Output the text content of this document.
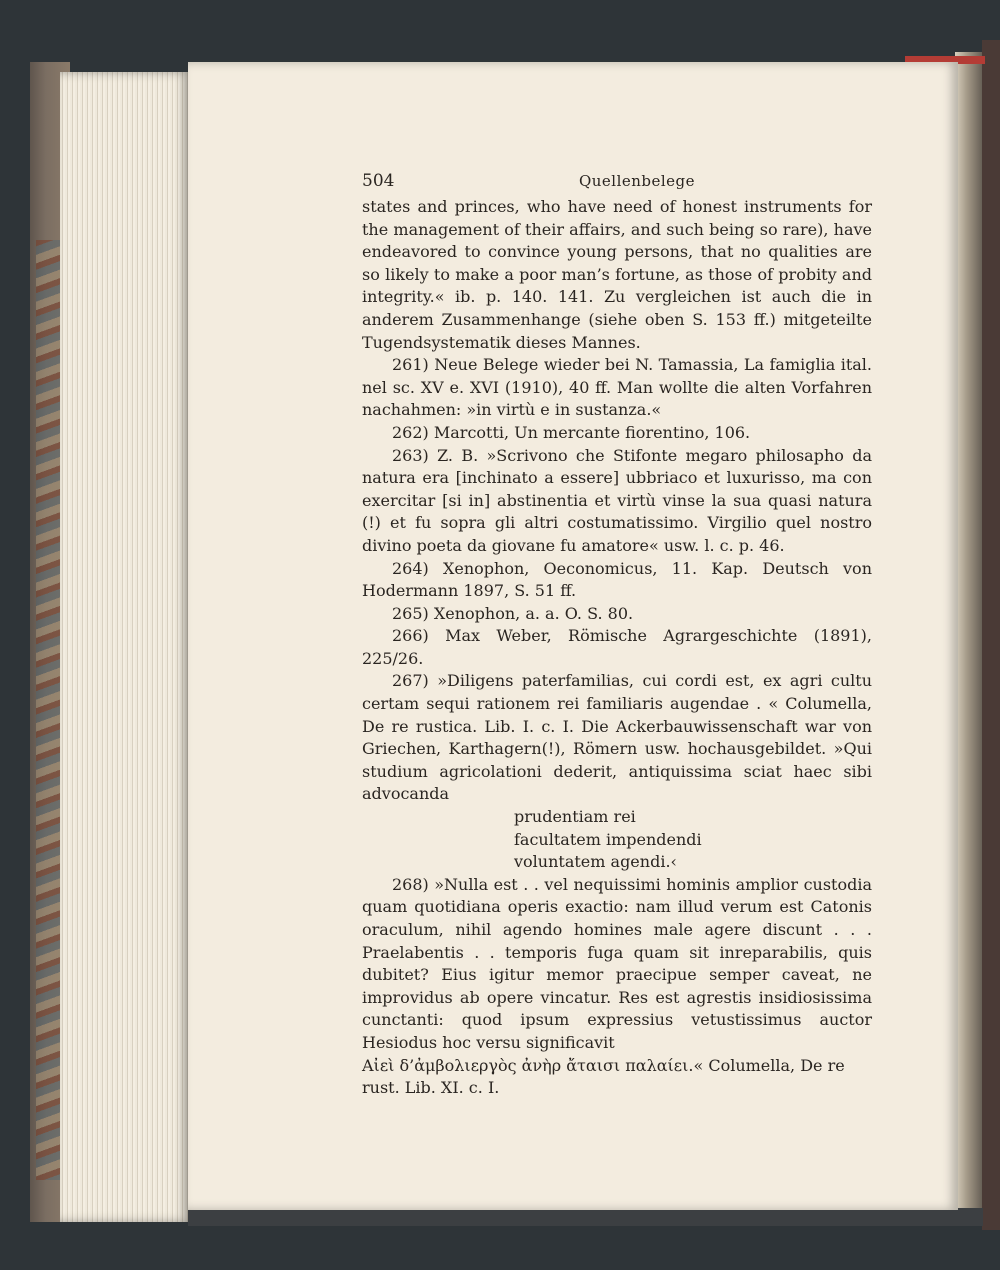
504	Quellenbelege

states and princes, who have need of honest instruments for the management of their affairs, and such being so rare), have endeavored to convince young persons, that no qualities are so likely to make a poor man’s fortune, as those of probity and integrity.« ib. p. 140. 141. Zu vergleichen ist auch die in anderem Zusammenhange (siehe oben S. 153 ff.) mitgeteilte Tugendsystematik dieses Mannes.

261) Neue Belege wieder bei N. Tamassia, La famiglia ital. nel sc. XV e. XVI (1910), 40 ff. Man wollte die alten Vorfahren nachahmen: »in virtù e in sustanza.«

262) Marcotti, Un mercante fiorentino, 106.

263) Z. B. »Scrivono che Stifonte megaro philosapho da natura era [inchinato a essere] ubbriaco et luxurisso, ma con exercitar [si in] abstinentia et virtù vinse la sua quasi natura (!) et fu sopra gli altri costumatissimo. Virgilio quel nostro divino poeta da giovane fu amatore« usw. l. c. p. 46.

264) Xenophon, Oeconomicus, 11. Kap. Deutsch von Hodermann 1897, S. 51 ff.

265) Xenophon, a. a. O. S. 80.

266) Max Weber, Römische Agrargeschichte (1891), 225/26.

267) »Diligens paterfamilias, cui cordi est, ex agri cultu certam sequi rationem rei familiaris augendae . « Columella, De re rustica. Lib. I. c. I. Die Ackerbauwissenschaft war von Griechen, Karthagern(!), Römern usw. hochausgebildet. »Qui studium agricolationi dederit, antiquissima sciat haec sibi advocanda

prudentiam rei
facultatem impendendi
voluntatem agendi.‹

268) »Nulla est . . vel nequissimi hominis amplior custodia quam quotidiana operis exactio: nam illud verum est Catonis oraculum, nihil agendo homines male agere discunt . . . Praelabentis . . temporis fuga quam sit inreparabilis, quis dubitet? Eius igitur memor praecipue semper caveat, ne improvidus ab opere vincatur. Res est agrestis insidiosissima cunctanti: quod ipsum expressius vetustissimus auctor Hesiodus hoc versu significavit

Αἰεὶ δ’ἀμβολιεργὸς ἀνὴρ ἄταισι παλαίει.« Columella, De re rust. Lib. XI. c. I.
